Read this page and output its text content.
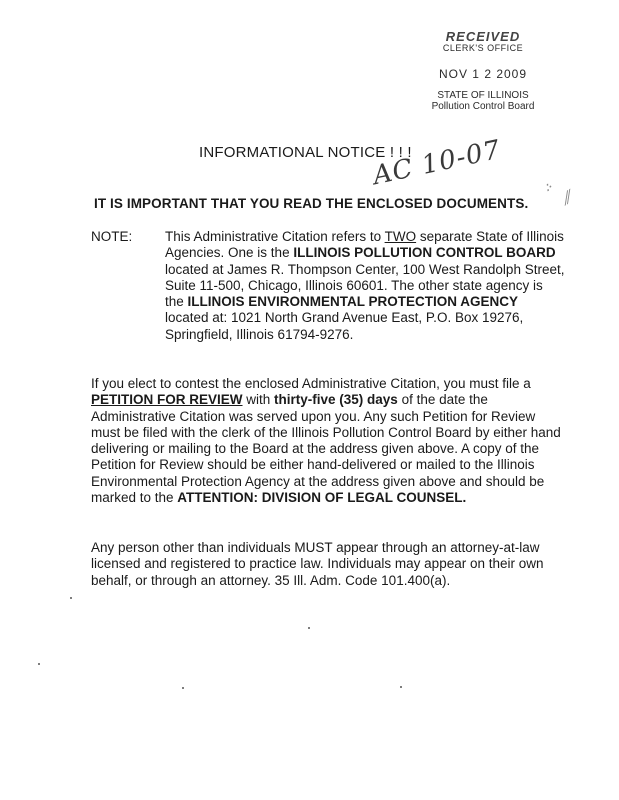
RECEIVED
CLERK'S OFFICE
NOV 1 2 2009
STATE OF ILLINOIS
Pollution Control Board
INFORMATIONAL NOTICE ! ! !
AC 10-07	∶· ⁄⁄
IT IS IMPORTANT THAT YOU READ THE ENCLOSED DOCUMENTS.
NOTE: This Administrative Citation refers to TWO separate State of Illinois Agencies. One is the ILLINOIS POLLUTION CONTROL BOARD located at James R. Thompson Center, 100 West Randolph Street, Suite 11-500, Chicago, Illinois 60601. The other state agency is the ILLINOIS ENVIRONMENTAL PROTECTION AGENCY located at: 1021 North Grand Avenue East, P.O. Box 19276, Springfield, Illinois 61794-9276.
If you elect to contest the enclosed Administrative Citation, you must file a PETITION FOR REVIEW with thirty-five (35) days of the date the Administrative Citation was served upon you. Any such Petition for Review must be filed with the clerk of the Illinois Pollution Control Board by either hand delivering or mailing to the Board at the address given above. A copy of the Petition for Review should be either hand-delivered or mailed to the Illinois Environmental Protection Agency at the address given above and should be marked to the ATTENTION: DIVISION OF LEGAL COUNSEL.
Any person other than individuals MUST appear through an attorney-at-law licensed and registered to practice law. Individuals may appear on their own behalf, or through an attorney. 35 Ill. Adm. Code 101.400(a).
